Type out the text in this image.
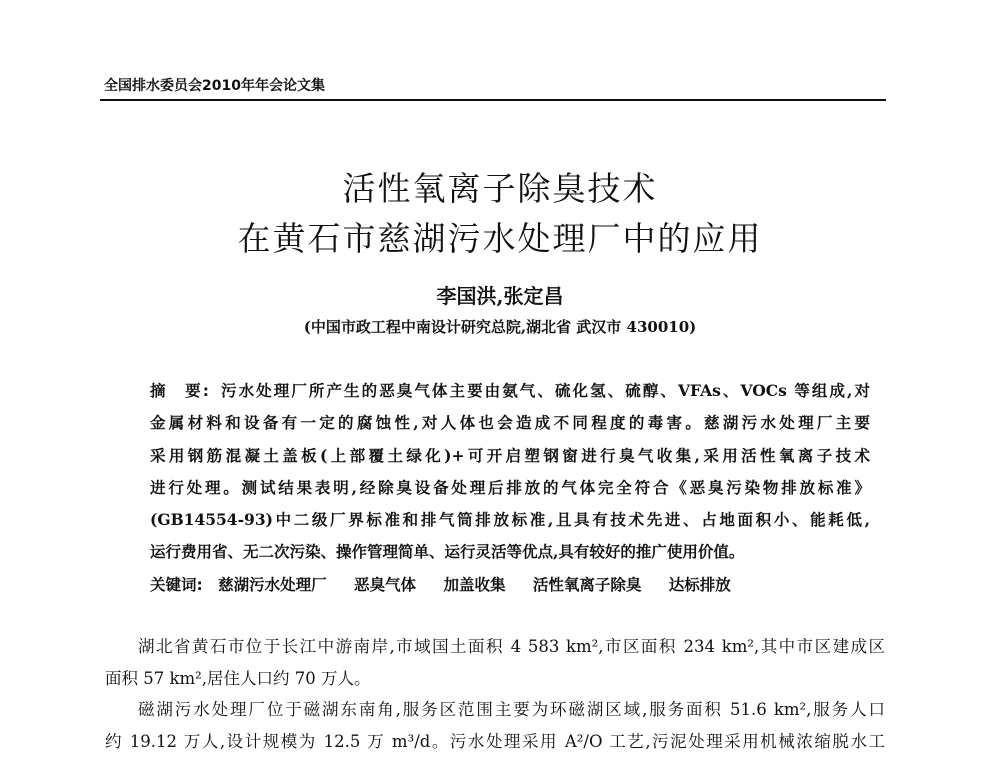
全国排水委员会2010年年会论文集
活性氧离子除臭技术
在黄石市慈湖污水处理厂中的应用
李国洪,张定昌
(中国市政工程中南设计研究总院,湖北省 武汉市 430010)
摘　要: 污水处理厂所产生的恶臭气体主要由氨气、硫化氢、硫醇、VFAs、VOCs 等组成,对
金属材料和设备有一定的腐蚀性,对人体也会造成不同程度的毒害。慈湖污水处理厂主要
采用钢筋混凝土盖板(上部覆土绿化)+可开启塑钢窗进行臭气收集,采用活性氧离子技术
进行处理。测试结果表明,经除臭设备处理后排放的气体完全符合《恶臭污染物排放标准》
(GB14554-93)中二级厂界标准和排气筒排放标准,且具有技术先进、占地面积小、能耗低,
运行费用省、无二次污染、操作管理简单、运行灵活等优点,具有较好的推广使用价值。
关键词: 慈湖污水处理厂 恶臭气体 加盖收集 活性氧离子除臭 达标排放
湖北省黄石市位于长江中游南岸,市域国土面积 4 583 km²,市区面积 234 km²,其中市区建成区
面积 57 km²,居住人口约 70 万人。
磁湖污水处理厂位于磁湖东南角,服务区范围主要为环磁湖区域,服务面积 51.6 km²,服务人口
约 19.12 万人,设计规模为 12.5 万 m³/d。污水处理采用 A²/O 工艺,污泥处理采用机械浓缩脱水工
